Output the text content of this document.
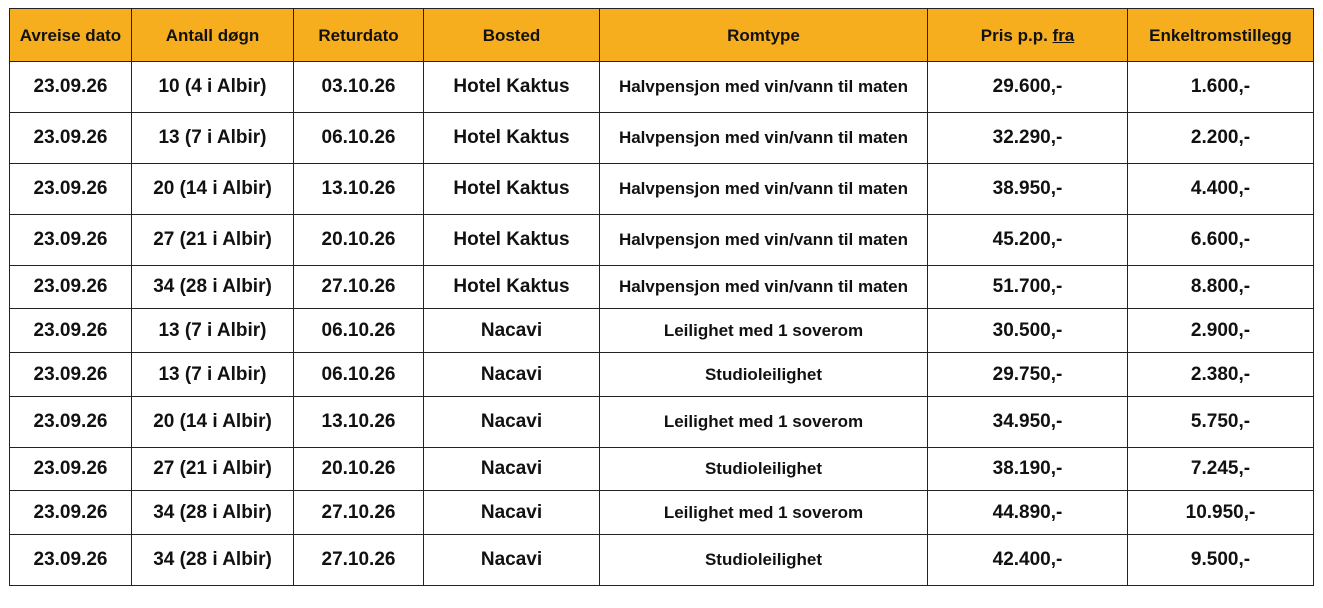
Avreise dato	Antall døgn	Returdato	Bosted	Romtype	Pris p.p. fra	Enkeltromstillegg
23.09.26	10 (4 i Albir)	03.10.26	Hotel Kaktus	Halvpensjon med vin/vann til maten	29.600,-	1.600,-
23.09.26	13 (7 i Albir)	06.10.26	Hotel Kaktus	Halvpensjon med vin/vann til maten	32.290,-	2.200,-
23.09.26	20 (14 i Albir)	13.10.26	Hotel Kaktus	Halvpensjon med vin/vann til maten	38.950,-	4.400,-
23.09.26	27 (21 i Albir)	20.10.26	Hotel Kaktus	Halvpensjon med vin/vann til maten	45.200,-	6.600,-
23.09.26	34 (28 i Albir)	27.10.26	Hotel Kaktus	Halvpensjon med vin/vann til maten	51.700,-	8.800,-
23.09.26	13 (7 i Albir)	06.10.26	Nacavi	Leilighet med 1 soverom	30.500,-	2.900,-
23.09.26	13 (7 i Albir)	06.10.26	Nacavi	Studioleilighet	29.750,-	2.380,-
23.09.26	20 (14 i Albir)	13.10.26	Nacavi	Leilighet med 1 soverom	34.950,-	5.750,-
23.09.26	27 (21 i Albir)	20.10.26	Nacavi	Studioleilighet	38.190,-	7.245,-
23.09.26	34 (28 i Albir)	27.10.26	Nacavi	Leilighet med 1 soverom	44.890,-	10.950,-
23.09.26	34 (28 i Albir)	27.10.26	Nacavi	Studioleilighet	42.400,-	9.500,-
